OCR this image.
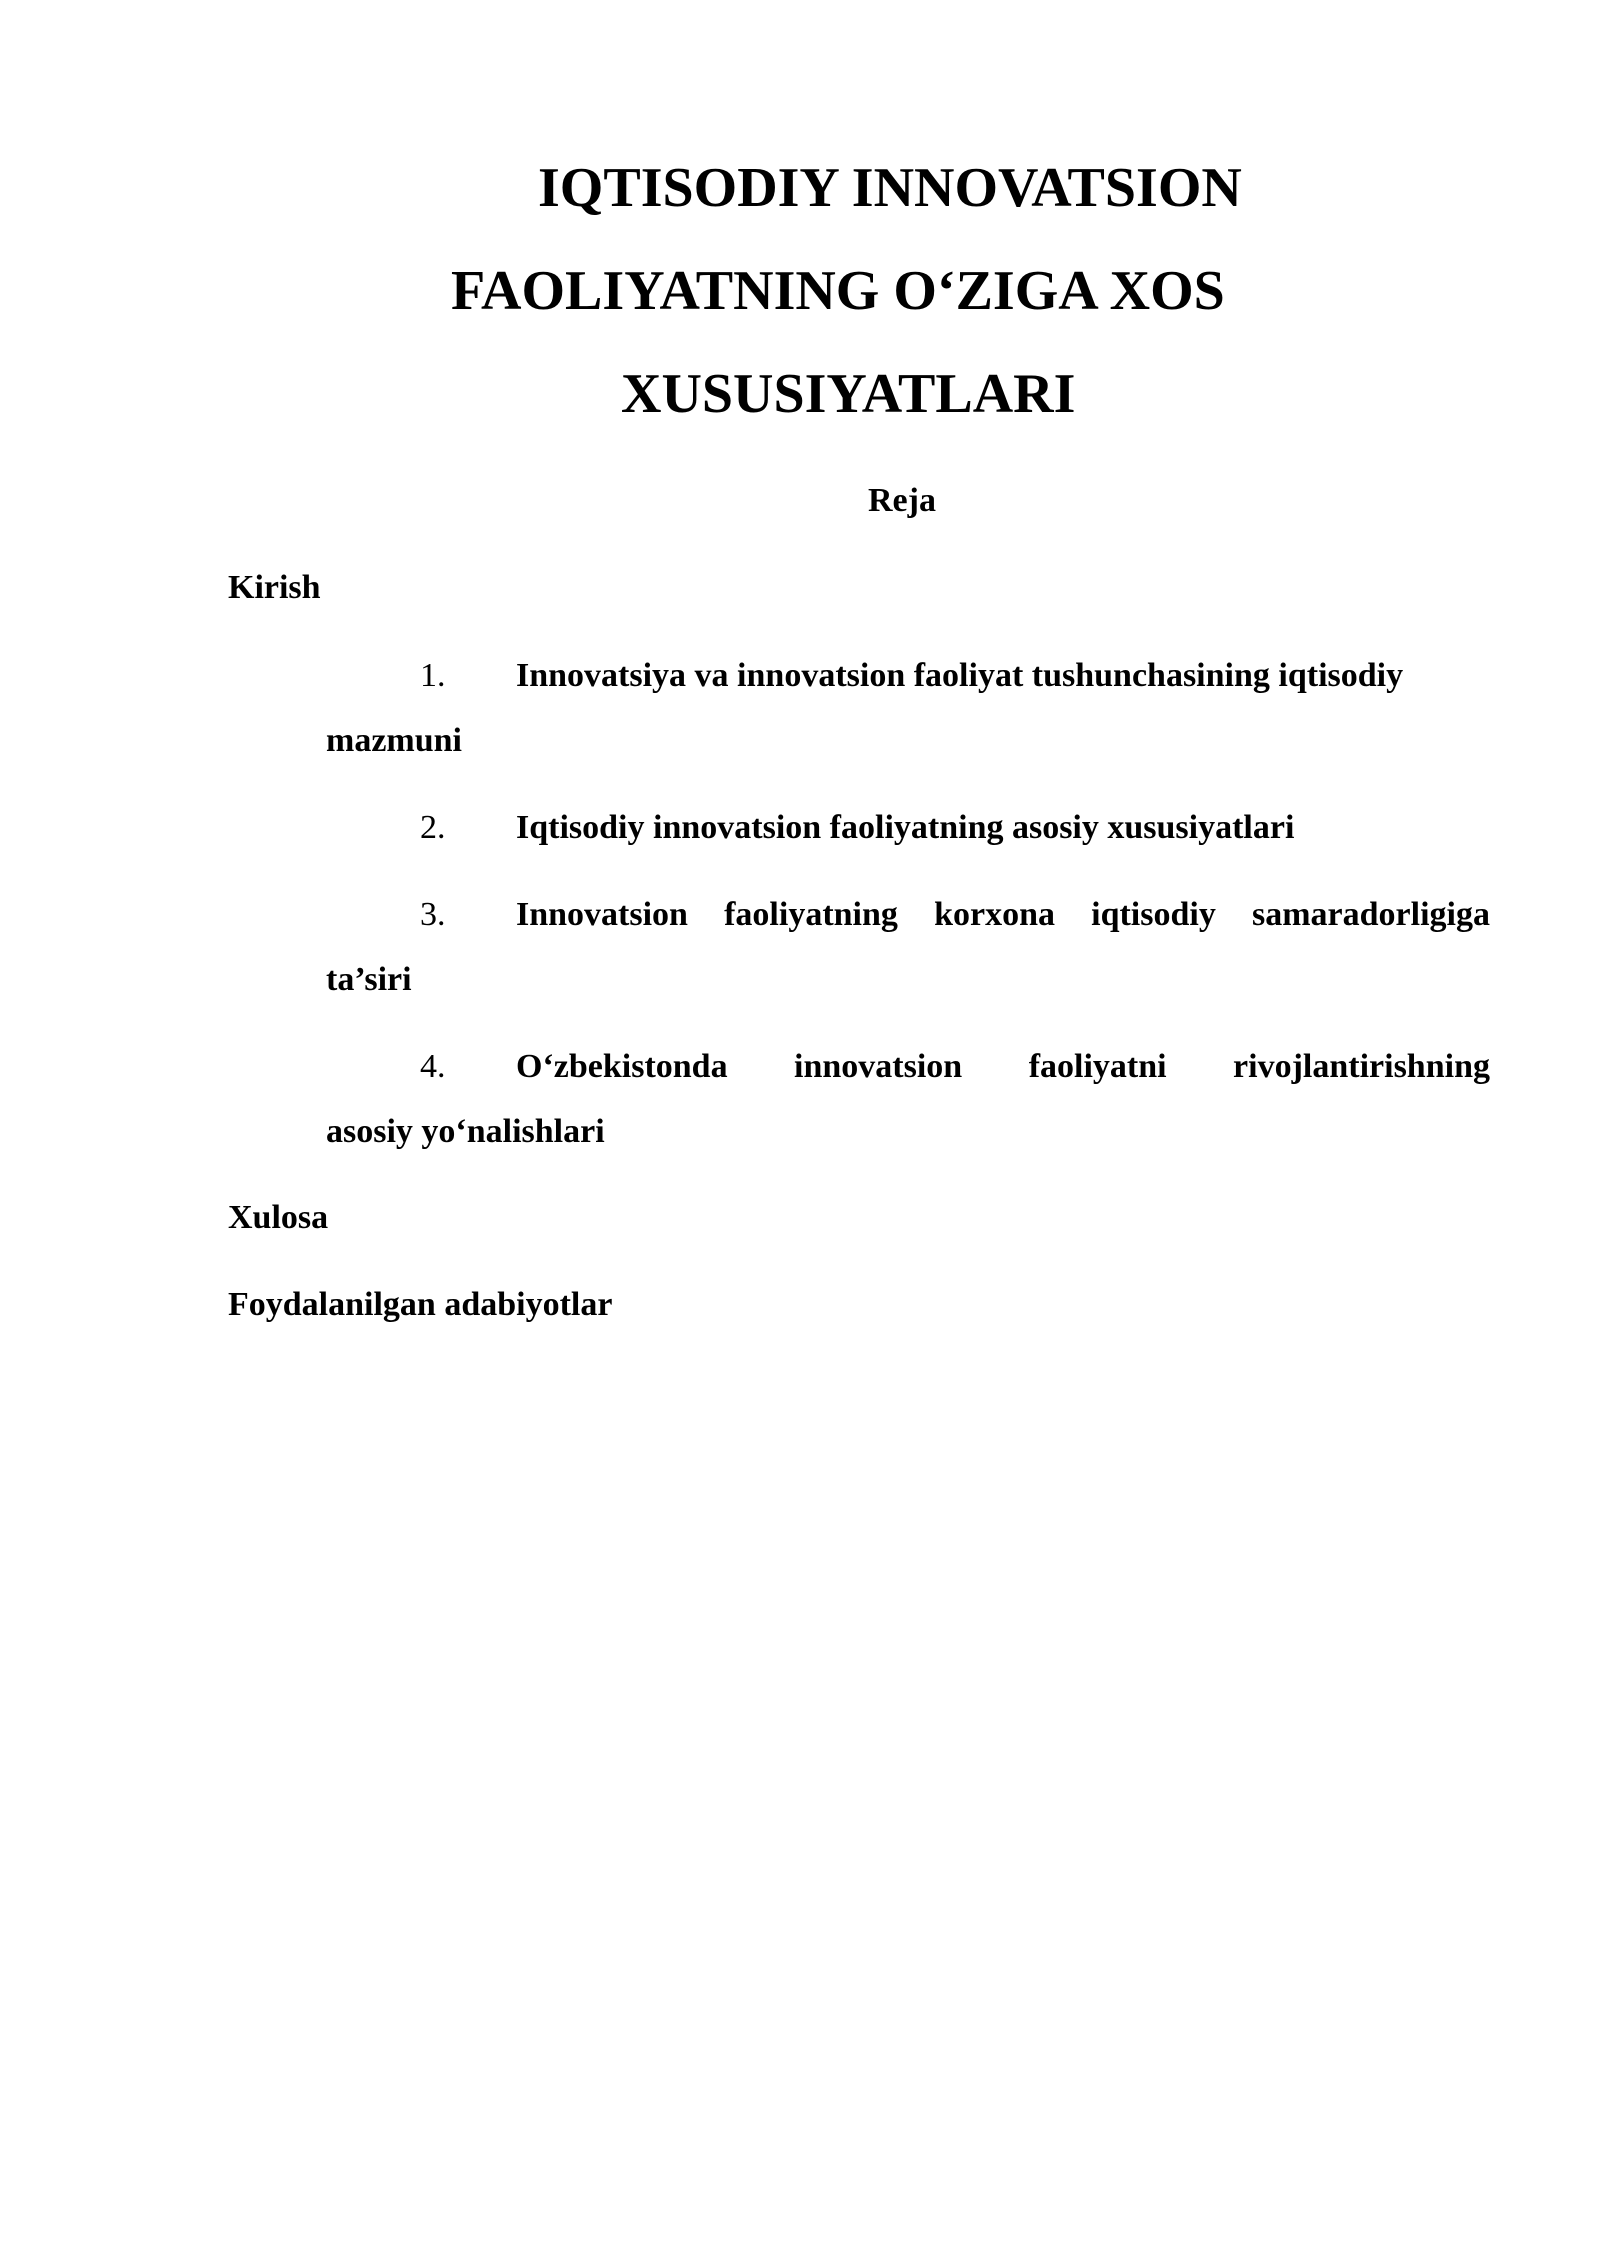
IQTISODIY INNOVATSION
FAOLIYATNING O‘ZIGA XOS
XUSUSIYATLARI
Reja

Kirish

1. Innovatsiya va innovatsion faoliyat tushunchasining iqtisodiy
mazmuni
2. Iqtisodiy innovatsion faoliyatning asosiy xususiyatlari
3. Innovatsion faoliyatning korxona iqtisodiy samaradorligiga
ta’siri
4. O‘zbekistonda innovatsion faoliyatni rivojlantirishning
asosiy yo‘nalishlari

Xulosa

Foydalanilgan adabiyotlar
